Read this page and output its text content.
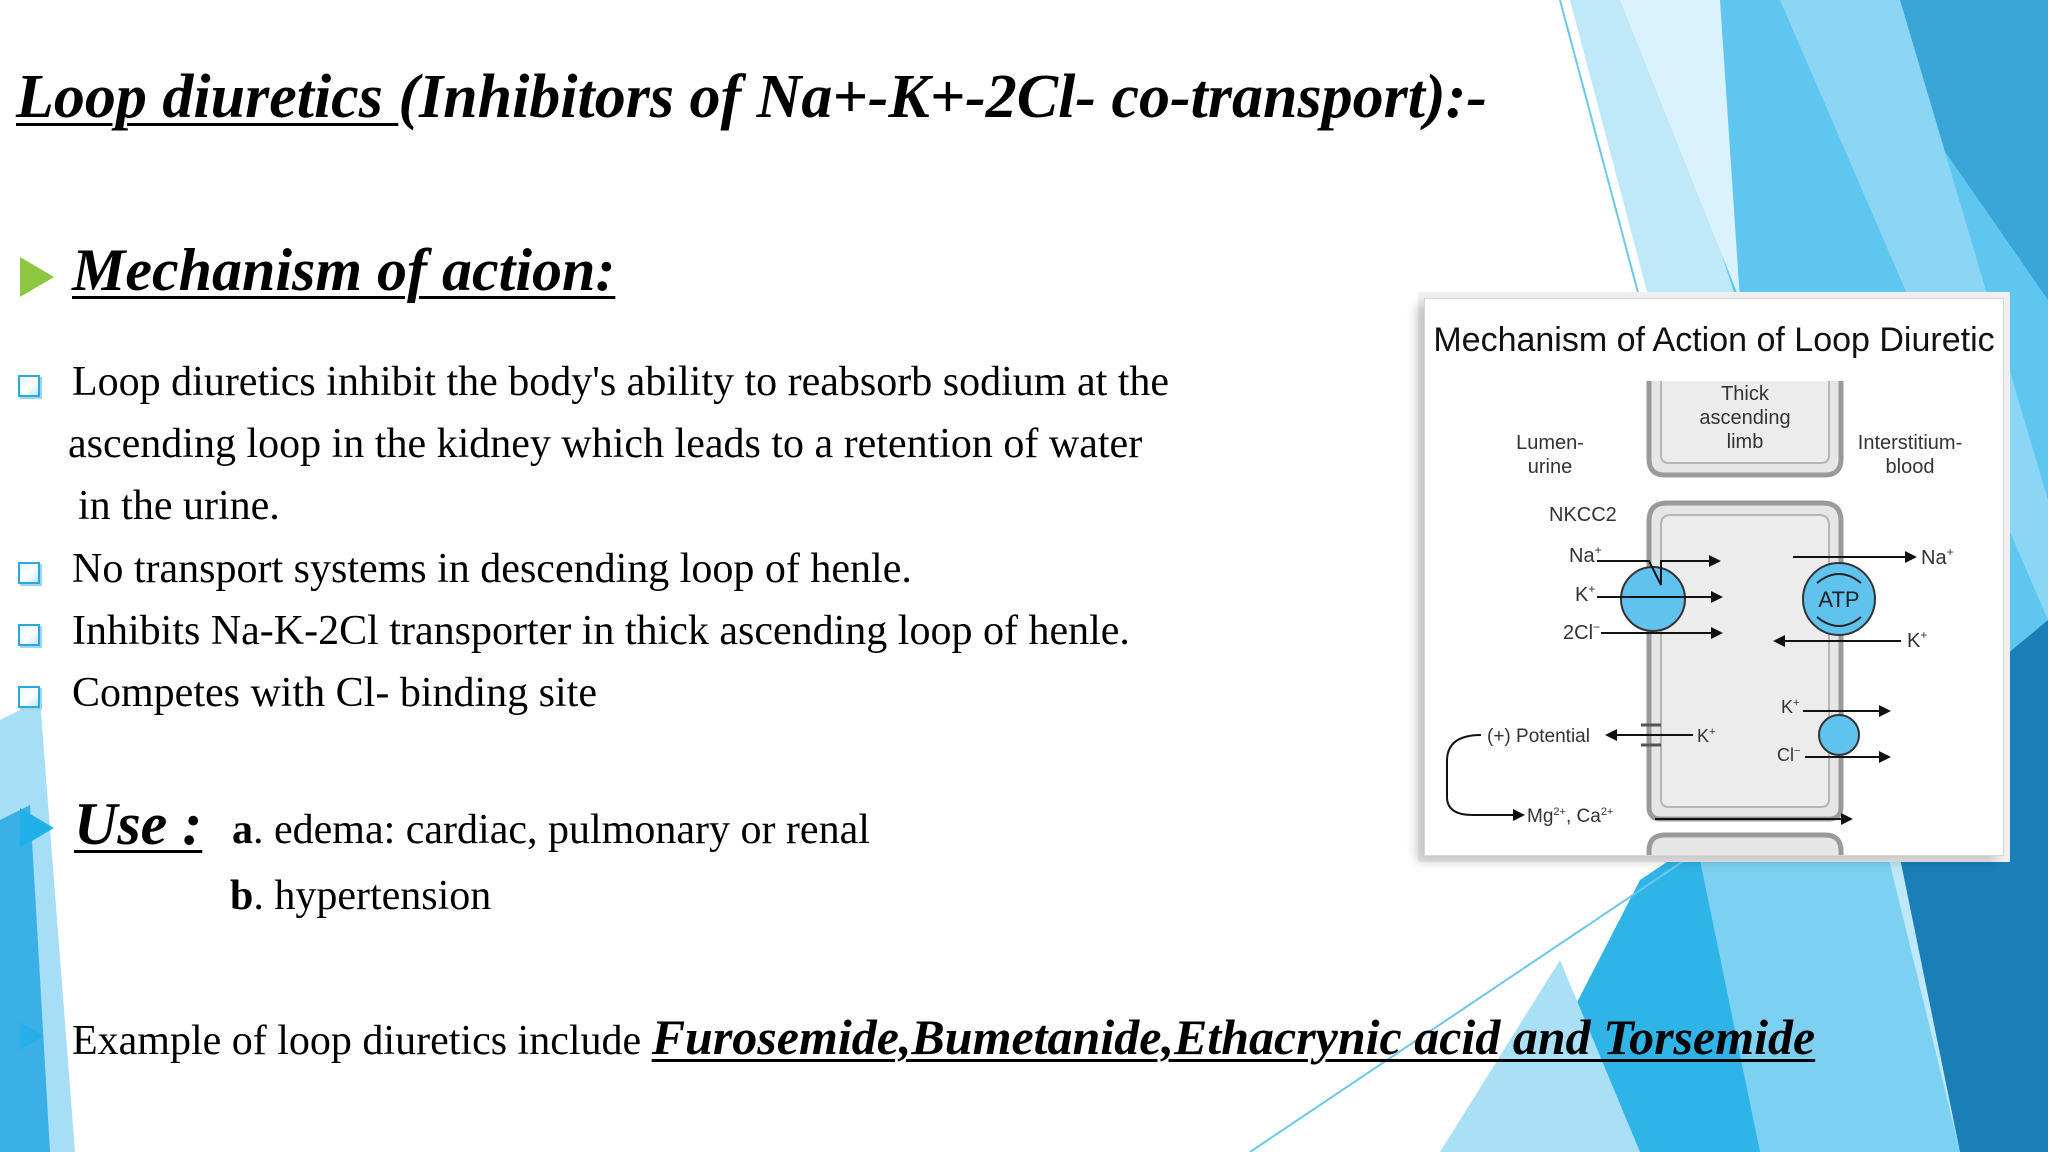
Loop diuretics (Inhibitors of Na+-K+-2Cl- co-transport):-
Mechanism of action:
Loop diuretics inhibit the body's ability to reabsorb sodium at the
ascending loop in the kidney which leads to a retention of water
in the urine.
No transport systems in descending loop of henle.
Inhibits Na-K-2Cl transporter in thick ascending loop of henle.
Competes with Cl- binding site
Use : a. edema: cardiac, pulmonary or renal
b. hypertension
Example of loop diuretics include Furosemide,Bumetanide,Ethacrynic acid and Torsemide
Mechanism of Action of Loop Diuretic
Thick
ascending
limb
Lumen-
urine
Interstitium-
blood
NKCC2
Na+
K+
2Cl−
ATP
Na+
K+
K+
Cl−
K+
(+) Potential
$Mg^{2+}$, $Ca^{2+}$
